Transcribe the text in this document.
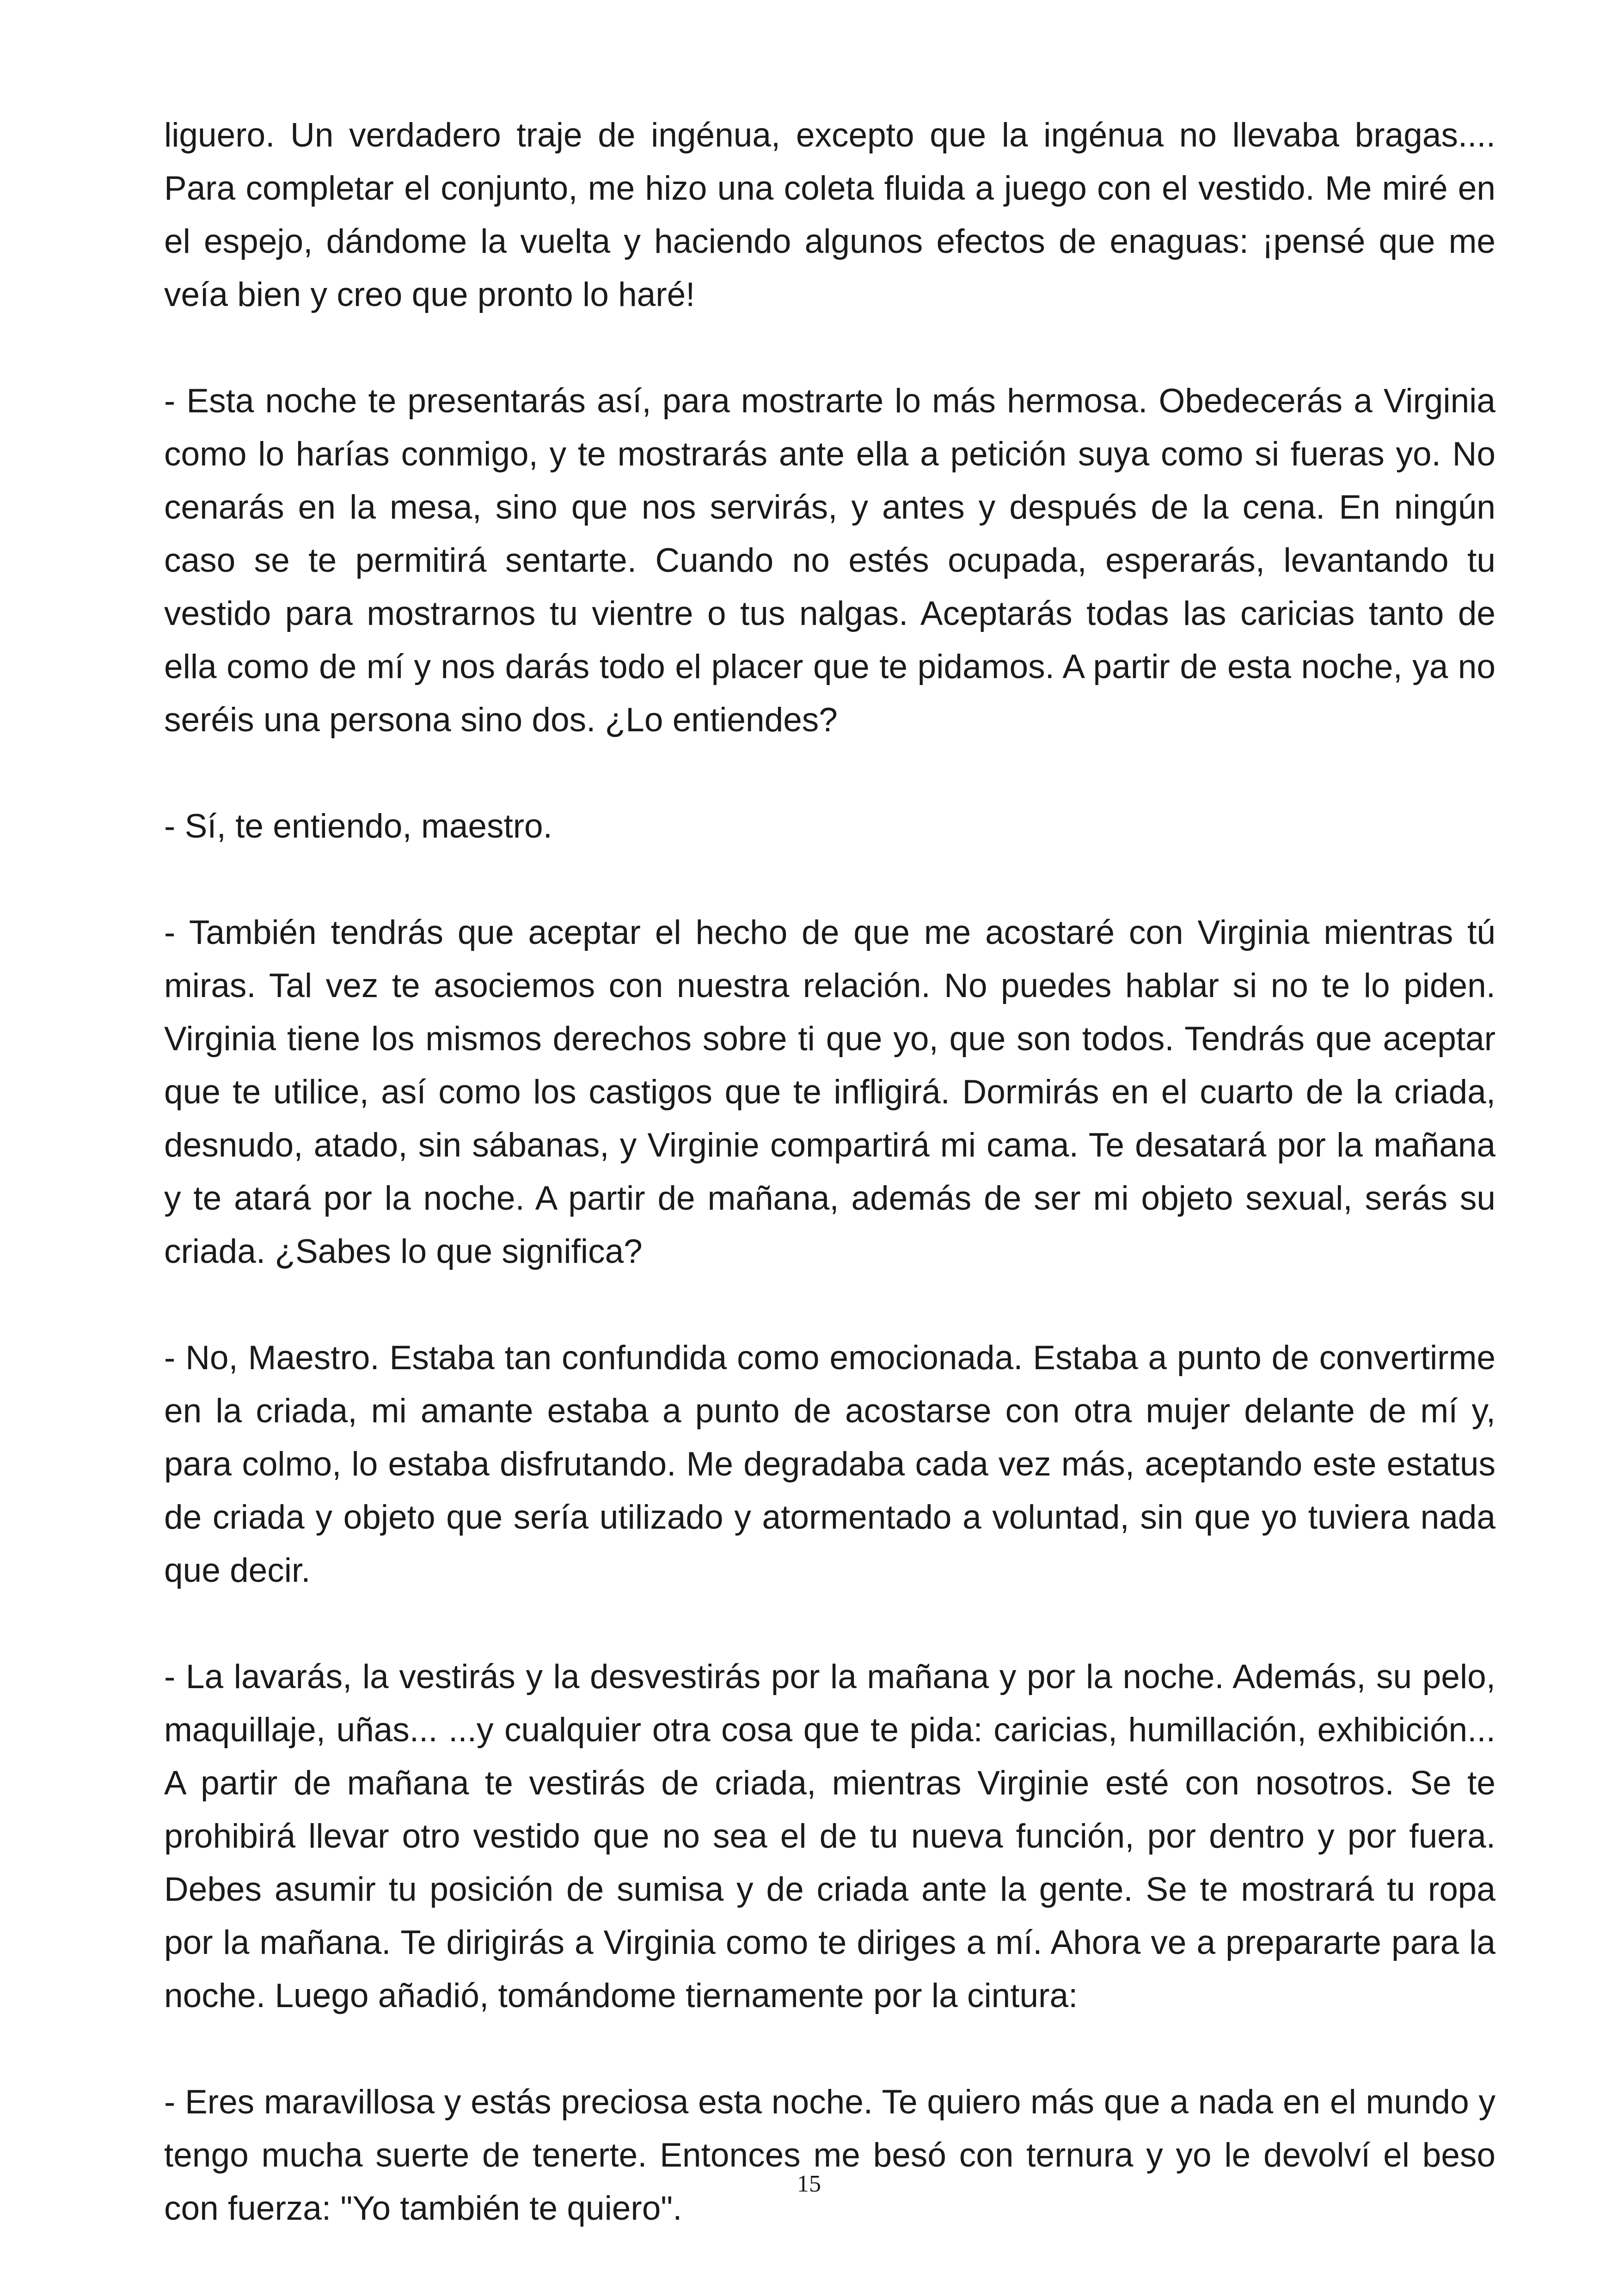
liguero. Un verdadero traje de ingénua, excepto que la ingénua no llevaba bragas.... Para completar el conjunto, me hizo una coleta fluida a juego con el vestido. Me miré en el espejo, dándome la vuelta y haciendo algunos efectos de enaguas: ¡pensé que me veía bien y creo que pronto lo haré!

- Esta noche te presentarás así, para mostrarte lo más hermosa. Obedecerás a Virginia como lo harías conmigo, y te mostrarás ante ella a petición suya como si fueras yo. No cenarás en la mesa, sino que nos servirás, y antes y después de la cena. En ningún caso se te permitirá sentarte. Cuando no estés ocupada, esperarás, levantando tu vestido para mostrarnos tu vientre o tus nalgas. Aceptarás todas las caricias tanto de ella como de mí y nos darás todo el placer que te pidamos. A partir de esta noche, ya no seréis una persona sino dos. ¿Lo entiendes?

- Sí, te entiendo, maestro.

- También tendrás que aceptar el hecho de que me acostaré con Virginia mientras tú miras. Tal vez te asociemos con nuestra relación. No puedes hablar si no te lo piden. Virginia tiene los mismos derechos sobre ti que yo, que son todos. Tendrás que aceptar que te utilice, así como los castigos que te infligirá. Dormirás en el cuarto de la criada, desnudo, atado, sin sábanas, y Virginie compartirá mi cama. Te desatará por la mañana y te atará por la noche. A partir de mañana, además de ser mi objeto sexual, serás su criada. ¿Sabes lo que significa?

- No, Maestro. Estaba tan confundida como emocionada. Estaba a punto de convertirme en la criada, mi amante estaba a punto de acostarse con otra mujer delante de mí y, para colmo, lo estaba disfrutando. Me degradaba cada vez más, aceptando este estatus de criada y objeto que sería utilizado y atormentado a voluntad, sin que yo tuviera nada que decir.

- La lavarás, la vestirás y la desvestirás por la mañana y por la noche. Además, su pelo, maquillaje, uñas... ...y cualquier otra cosa que te pida: caricias, humillación, exhibición... A partir de mañana te vestirás de criada, mientras Virginie esté con nosotros. Se te prohibirá llevar otro vestido que no sea el de tu nueva función, por dentro y por fuera. Debes asumir tu posición de sumisa y de criada ante la gente. Se te mostrará tu ropa por la mañana. Te dirigirás a Virginia como te diriges a mí. Ahora ve a prepararte para la noche. Luego añadió, tomándome tiernamente por la cintura:

- Eres maravillosa y estás preciosa esta noche. Te quiero más que a nada en el mundo y tengo mucha suerte de tenerte. Entonces me besó con ternura y yo le devolví el beso con fuerza: "Yo también te quiero".

15
